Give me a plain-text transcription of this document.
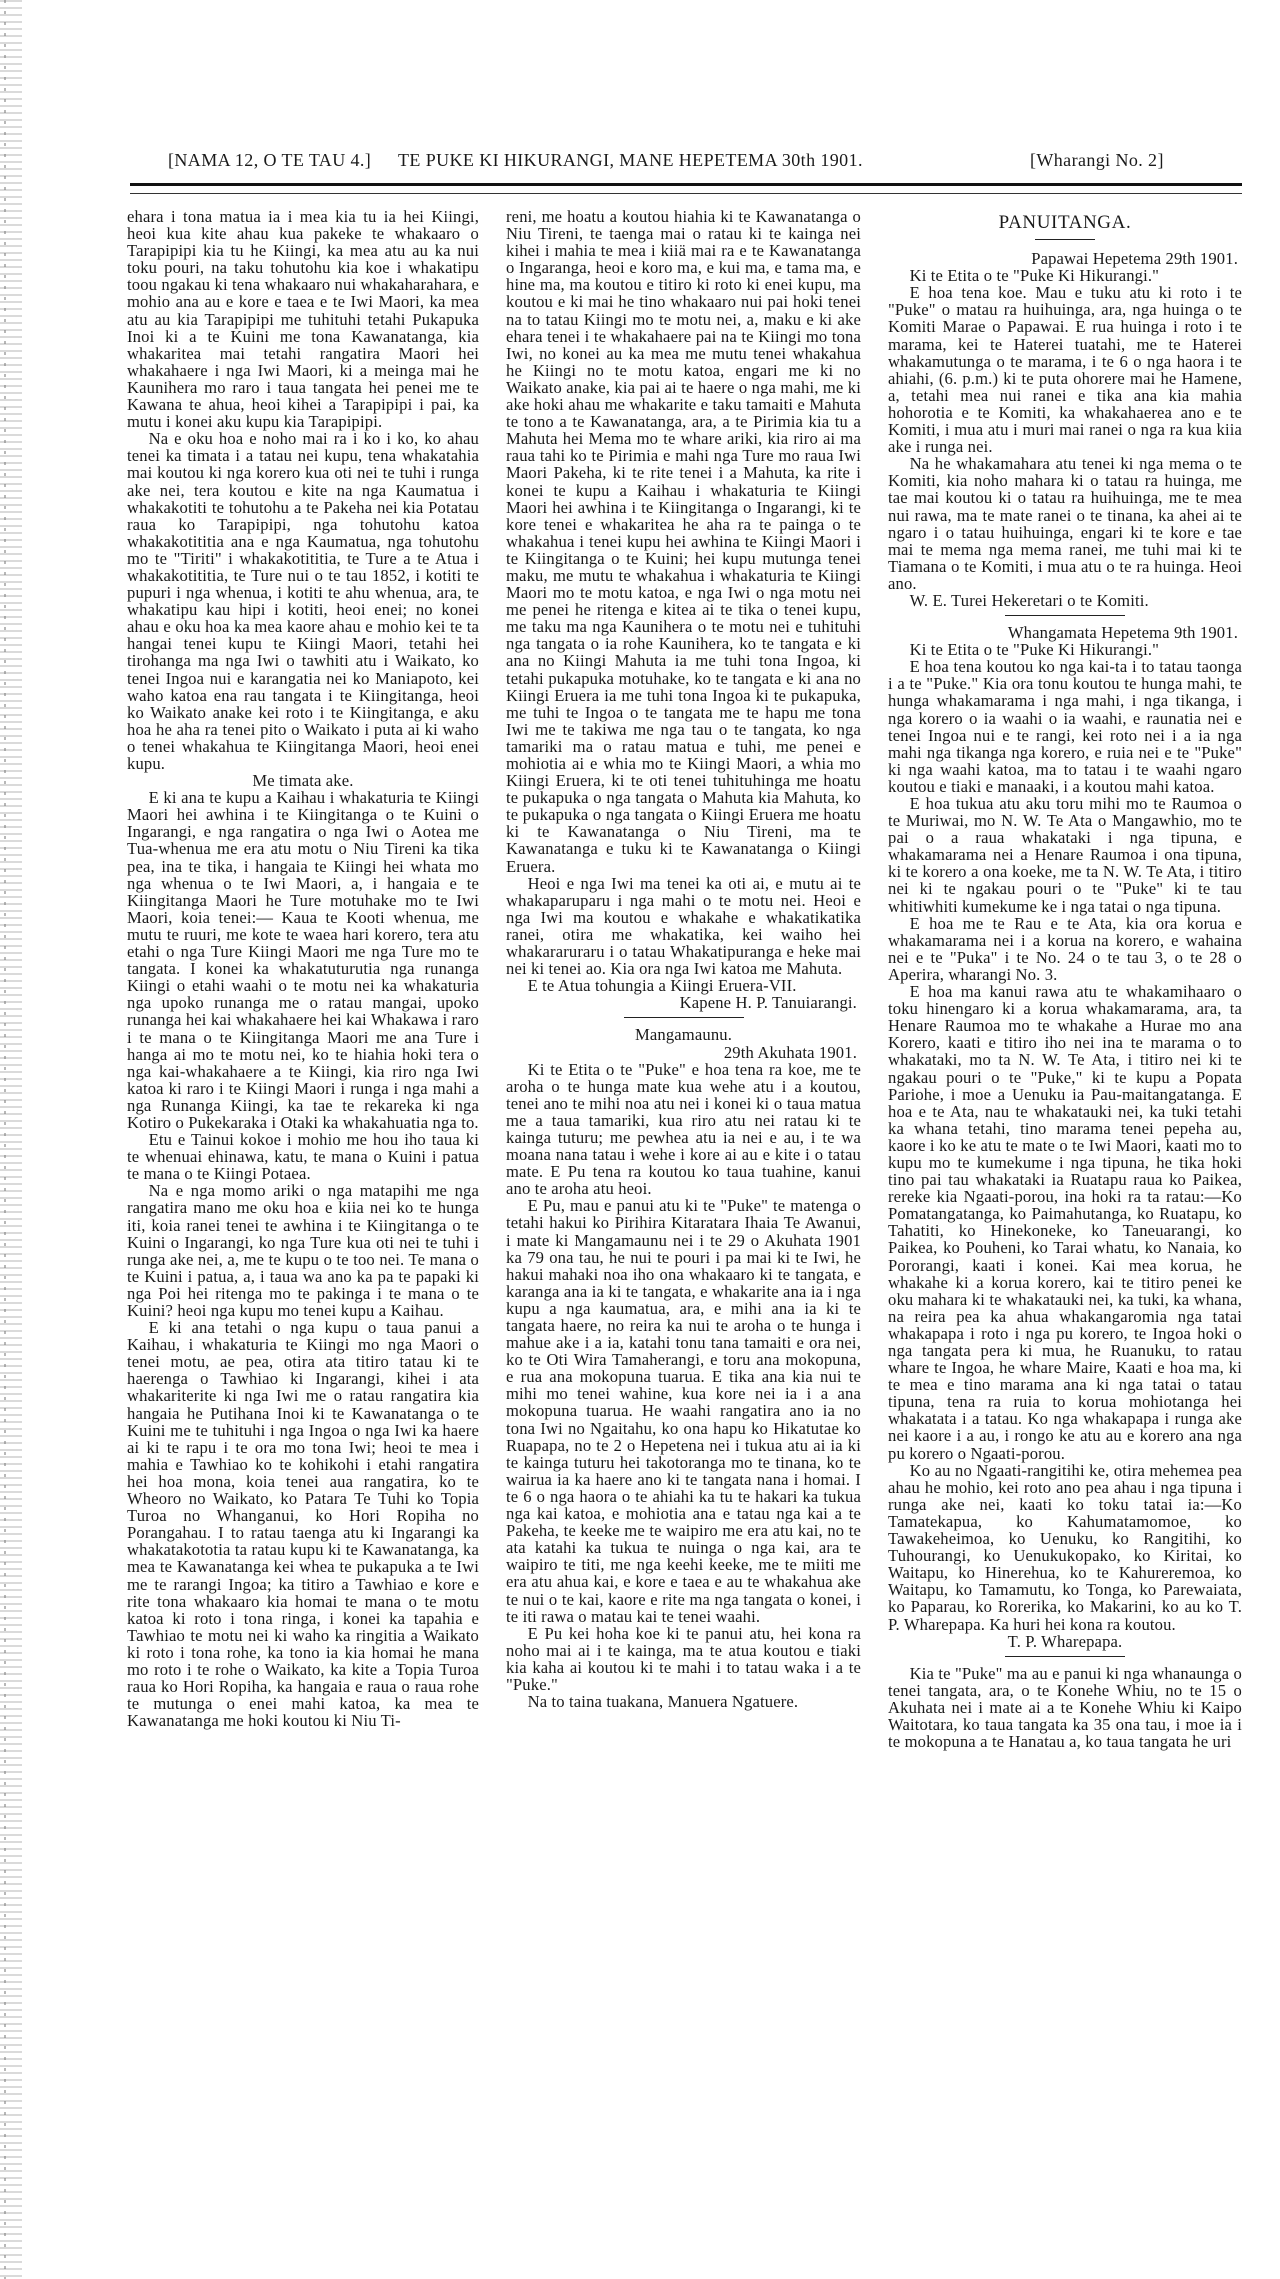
[NAMA 12, O TE TAU 4.] TE PUKE KI HIKURANGI, MANE HEPETEMA 30th 1901.	[Wharangi No. 2]

ehara i tona matua ia i mea kia tu ia hei Kiingi, heoi kua kite ahau kua pakeke te whakaaro o Tarapipipi kia tu he Kiingi, ka mea atu au ka nui toku pouri, na taku tohutohu kia koe i whakatipu toou ngakau ki tena whakaaro nui whakaharahara, e mohio ana au e kore e taea e te Iwi Maori, ka mea atu au kia Tarapipipi me tuhituhi tetahi Pukapuka Inoi ki a te Kuini me tona Kawanatanga, kia whakaritea mai tetahi rangatira Maori hei whakahaere i nga Iwi Maori, ki a meinga mai he Kaunihera mo raro i taua tangata hei penei me te Kawana te ahua, heoi kihei a Tarapipipi i pai, ka mutu i konei aku kupu kia Tarapipipi.

Na e oku hoa e noho mai ra i ko i ko, ko ahau tenei ka timata i a tatau nei kupu, tena whakatahia mai koutou ki nga korero kua oti nei te tuhi i runga ake nei, tera koutou e kite na nga Kaumatua i whakakotiti te tohutohu a te Pakeha nei kia Potatau raua ko Tarapipipi, nga tohutohu katoa whakakotititia ana e nga Kaumatua, nga tohutohu mo te "Tiriti" i whakakotititia, te Ture a te Atua i whakakotititia, te Ture nui o te tau 1852, i kotiti te pupuri i nga whenua, i kotiti te ahu whenua, ara, te whakatipu kau hipi i kotiti, heoi enei; no konei ahau e oku hoa ka mea kaore ahau e mohio kei te ta hangai tenei kupu te Kiingi Maori, tetahi hei tirohanga ma nga Iwi o tawhiti atu i Waikato, ko tenei Ingoa nui e karangatia nei ko Maniapoto, kei waho katoa ena rau tangata i te Kiingitanga, heoi ko Waikato anake kei roto i te Kiingitanga, e aku hoa he aha ra tenei pito o Waikato i puta ai ki waho o tenei whakahua te Kiingitanga Maori, heoi enei kupu.

Me timata ake.

E ki ana te kupu a Kaihau i whakaturia te Kiingi Maori hei awhina i te Kiingitanga o te Kuini o Ingarangi, e nga rangatira o nga Iwi o Aotea me Tua-whenua me era atu motu o Niu Tireni ka tika pea, ina te tika, i hangaia te Kiingi hei whata mo nga whenua o te Iwi Maori, a, i hangaia e te Kiingitanga Maori he Ture motuhake mo te Iwi Maori, koia tenei:— Kaua te Kooti whenua, me mutu te ruuri, me kote te waea hari korero, tera atu etahi o nga Ture Kiingi Maori me nga Ture mo te tangata. I konei ka whakatuturutia nga runanga Kiingi o etahi waahi o te motu nei ka whakaturia nga upoko runanga me o ratau mangai, upoko runanga hei kai whakahaere hei kai Whakawa i raro i te mana o te Kiingitanga Maori me ana Ture i hanga ai mo te motu nei, ko te hiahia hoki tera o nga kai-whakahaere a te Kiingi, kia riro nga Iwi katoa ki raro i te Kiingi Maori i runga i nga mahi a nga Runanga Kiingi, ka tae te rekareka ki nga Kotiro o Pukekaraka i Otaki ka whakahuatia nga to.

Etu e Tainui kokoe i mohio me hou iho taua ki te whenuai ehinawa, katu, te mana o Kuini i patua te mana o te Kiingi Potaea.

Na e nga momo ariki o nga matapihi me nga rangatira mano me oku hoa e kiia nei ko te hunga iti, koia ranei tenei te awhina i te Kiingitanga o te Kuini o Ingarangi, ko nga Ture kua oti nei te tuhi i runga ake nei, a, me te kupu o te too nei. Te mana o te Kuini i patua, a, i taua wa ano ka pa te papaki ki nga Poi hei ritenga mo te pakinga i te mana o te Kuini? heoi nga kupu mo tenei kupu a Kaihau.

E ki ana tetahi o nga kupu o taua panui a Kaihau, i whakaturia te Kiingi mo nga Maori o tenei motu, ae pea, otira ata titiro tatau ki te haerenga o Tawhiao ki Ingarangi, kihei i ata whakariterite ki nga Iwi me o ratau rangatira kia hangaia he Putihana Inoi ki te Kawanatanga o te Kuini me te tuhituhi i nga Ingoa o nga Iwi ka haere ai ki te rapu i te ora mo tona Iwi; heoi te mea i mahia e Tawhiao ko te kohikohi i etahi rangatira hei hoa mona, koia tenei aua rangatira, ko te Wheoro no Waikato, ko Patara Te Tuhi ko Topia Turoa no Whanganui, ko Hori Ropiha no Porangahau. I to ratau taenga atu ki Ingarangi ka whakatakototia ta ratau kupu ki te Kawanatanga, ka mea te Kawanatanga kei whea te pukapuka a te Iwi me te rarangi Ingoa; ka titiro a Tawhiao e kore e rite tona whakaaro kia homai te mana o te motu katoa ki roto i tona ringa, i konei ka tapahia e Tawhiao te motu nei ki waho ka ringitia a Waikato ki roto i tona rohe, ka tono ia kia homai he mana mo roto i te rohe o Waikato, ka kite a Topia Turoa raua ko Hori Ropiha, ka hangaia e raua o raua rohe te mutunga o enei mahi katoa, ka mea te Kawanatanga me hoki koutou ki Niu Ti-

reni, me hoatu a koutou hiahia ki te Kawanatanga o Niu Tireni, te taenga mai o ratau ki te kainga nei kihei i mahia te mea i kiiä mai ra e te Kawanatanga o Ingaranga, heoi e koro ma, e kui ma, e tama ma, e hine ma, ma koutou e titiro ki roto ki enei kupu, ma koutou e ki mai he tino whakaaro nui pai hoki tenei na to tatau Kiingi mo te motu nei, a, maku e ki ake ehara tenei i te whakahaere pai na te Kiingi mo tona Iwi, no konei au ka mea me mutu tenei whakahua he Kiingi no te motu katoa, engari me ki no Waikato anake, kia pai ai te haere o nga mahi, me ki ake hoki ahau me whakarite e taku tamaiti e Mahuta te tono a te Kawanatanga, ara, a te Pirimia kia tu a Mahuta hei Mema mo te whare ariki, kia riro ai ma raua tahi ko te Pirimia e mahi nga Ture mo raua Iwi Maori Pakeha, ki te rite tenei i a Mahuta, ka rite i konei te kupu a Kaihau i whakaturia te Kiingi Maori hei awhina i te Kiingitanga o Ingarangi, ki te kore tenei e whakaritea he aha ra te painga o te whakahua i tenei kupu hei awhina te Kiingi Maori i te Kiingitanga o te Kuini; hei kupu mutunga tenei maku, me mutu te whakahua i whakaturia te Kiingi Maori mo te motu katoa, e nga Iwi o nga motu nei me penei he ritenga e kitea ai te tika o tenei kupu, me taku ma nga Kaunihera o te motu nei e tuhituhi nga tangata o ia rohe Kaunihera, ko te tangata e ki ana no Kiingi Mahuta ia me tuhi tona Ingoa, ki tetahi pukapuka motuhake, ko te tangata e ki ana no Kiingi Eruera ia me tuhi tona Ingoa ki te pukapuka, me tuhi te Ingoa o te tangata me te hapu me tona Iwi me te takiwa me nga tau o te tangata, ko nga tamariki ma o ratau matua e tuhi, me penei e mohiotia ai e whia mo te Kiingi Maori, a whia mo Kiingi Eruera, ki te oti tenei tuhituhinga me hoatu te pukapuka o nga tangata o Mahuta kia Mahuta, ko te pukapuka o nga tangata o Kiingi Eruera me hoatu ki te Kawanatanga o Niu Tireni, ma te Kawanatanga e tuku ki te Kawanatanga o Kiingi Eruera.

Heoi e nga Iwi ma tenei ka oti ai, e mutu ai te whakaparuparu i nga mahi o te motu nei. Heoi e nga Iwi ma koutou e whakahe e whakatikatika ranei, otira me whakatika, kei waiho hei whakararuraru i o tatau Whakatipuranga e heke mai nei ki tenei ao. Kia ora nga Iwi katoa me Mahuta.

E te Atua tohungia a Kiingi Eruera-VII.

Kapene H. P. Tanuiarangi.

Mangamaunu.

29th Akuhata 1901.

Ki te Etita o te "Puke" e hoa tena ra koe, me te aroha o te hunga mate kua wehe atu i a koutou, tenei ano te mihi noa atu nei i konei ki o taua matua me a taua tamariki, kua riro atu nei ratau ki te kainga tuturu; me pewhea atu ia nei e au, i te wa moana nana tatau i wehe i kore ai au e kite i o tatau mate. E Pu tena ra koutou ko taua tuahine, kanui ano te aroha atu heoi.

E Pu, mau e panui atu ki te "Puke" te matenga o tetahi hakui ko Pirihira Kitaratara Ihaia Te Awanui, i mate ki Mangamaunu nei i te 29 o Akuhata 1901 ka 79 ona tau, he nui te pouri i pa mai ki te Iwi, he hakui mahaki noa iho ona whakaaro ki te tangata, e karanga ana ia ki te tangata, e whakarite ana ia i nga kupu a nga kaumatua, ara, e mihi ana ia ki te tangata haere, no reira ka nui te aroha o te hunga i mahue ake i a ia, katahi tonu tana tamaiti e ora nei, ko te Oti Wira Tamaherangi, e toru ana mokopuna, e rua ana mokopuna tuarua. E tika ana kia nui te mihi mo tenei wahine, kua kore nei ia i a ana mokopuna tuarua. He waahi rangatira ano ia no tona Iwi no Ngaitahu, ko ona hapu ko Hikatutae ko Ruapapa, no te 2 o Hepetena nei i tukua atu ai ia ki te kainga tuturu hei takotoranga mo te tinana, ko te wairua ia ka haere ano ki te tangata nana i homai. I te 6 o nga haora o te ahiahi ka tu te hakari ka tukua nga kai katoa, e mohiotia ana e tatau nga kai a te Pakeha, te keeke me te waipiro me era atu kai, no te ata katahi ka tukua te nuinga o nga kai, ara te waipiro te titi, me nga keehi keeke, me te miiti me era atu ahua kai, e kore e taea e au te whakahua ake te nui o te kai, kaore e rite ma nga tangata o konei, i te iti rawa o matau kai te tenei waahi.

E Pu kei hoha koe ki te panui atu, hei kona ra noho mai ai i te kainga, ma te atua koutou e tiaki kia kaha ai koutou ki te mahi i to tatau waka i a te "Puke."

Na to taina tuakana, Manuera Ngatuere.

PANUITANGA.

Papawai Hepetema 29th 1901.

Ki te Etita o te "Puke Ki Hikurangi."

E hoa tena koe. Mau e tuku atu ki roto i te "Puke" o matau ra huihuinga, ara, nga huinga o te Komiti Marae o Papawai. E rua huinga i roto i te marama, kei te Haterei tuatahi, me te Haterei whakamutunga o te marama, i te 6 o nga haora i te ahiahi, (6. p.m.) ki te puta ohorere mai he Hamene, a, tetahi mea nui ranei e tika ana kia mahia hohorotia e te Komiti, ka whakahaerea ano e te Komiti, i mua atu i muri mai ranei o nga ra kua kiia ake i runga nei.

Na he whakamahara atu tenei ki nga mema o te Komiti, kia noho mahara ki o tatau ra huinga, me tae mai koutou ki o tatau ra huihuinga, me te mea nui rawa, ma te mate ranei o te tinana, ka ahei ai te ngaro i o tatau huihuinga, engari ki te kore e tae mai te mema nga mema ranei, me tuhi mai ki te Tiamana o te Komiti, i mua atu o te ra huinga. Heoi ano.

W. E. Turei Hekeretari o te Komiti.

Whangamata Hepetema 9th 1901.

Ki te Etita o te "Puke Ki Hikurangi."

E hoa tena koutou ko nga kai-ta i to tatau taonga i a te "Puke." Kia ora tonu koutou te hunga mahi, te hunga whakamarama i nga mahi, i nga tikanga, i nga korero o ia waahi o ia waahi, e raunatia nei e tenei Ingoa nui e te rangi, kei roto nei i a ia nga mahi nga tikanga nga korero, e ruia nei e te "Puke" ki nga waahi katoa, ma to tatau i te waahi ngaro koutou e tiaki e manaaki, i a koutou mahi katoa.

E hoa tukua atu aku toru mihi mo te Raumoa o te Muriwai, mo N. W. Te Ata o Mangawhio, mo te pai o a raua whakataki i nga tipuna, e whakamarama nei a Henare Raumoa i ona tipuna, ki te korero a ona koeke, me ta N. W. Te Ata, i titiro nei ki te ngakau pouri o te "Puke" ki te tau whitiwhiti kumekume ke i nga tatai o nga tipuna.

E hoa me te Rau e te Ata, kia ora korua e whakamarama nei i a korua na korero, e wahaina nei e te "Puka" i te No. 24 o te tau 3, o te 28 o Aperira, wharangi No. 3.

E hoa ma kanui rawa atu te whakamihaaro o toku hinengaro ki a korua whakamarama, ara, ta Henare Raumoa mo te whakahe a Hurae mo ana Korero, kaati e titiro iho nei ina te marama o to whakataki, mo ta N. W. Te Ata, i titiro nei ki te ngakau pouri o te "Puke," ki te kupu a Popata Pariohe, i moe a Uenuku ia Pau-maitangatanga. E hoa e te Ata, nau te whakatauki nei, ka tuki tetahi ka whana tetahi, tino marama tenei pepeha au, kaore i ko ke atu te mate o te Iwi Maori, kaati mo to kupu mo te kumekume i nga tipuna, he tika hoki tino pai tau whakataki ia Ruatapu raua ko Paikea, rereke kia Ngaati-porou, ina hoki ra ta ratau:—Ko Pomatangatanga, ko Paimahutanga, ko Ruatapu, ko Tahatiti, ko Hinekoneke, ko Taneuarangi, ko Paikea, ko Pouheni, ko Tarai whatu, ko Nanaia, ko Pororangi, kaati i konei. Kai mea korua, he whakahe ki a korua korero, kai te titiro penei ke oku mahara ki te whakatauki nei, ka tuki, ka whana, na reira pea ka ahua whakangaromia nga tatai whakapapa i roto i nga pu korero, te Ingoa hoki o nga tangata pera ki mua, he Ruanuku, to ratau whare te Ingoa, he whare Maire, Kaati e hoa ma, ki te mea e tino marama ana ki nga tatai o tatau tipuna, tena ra ruia to korua mohiotanga hei whakatata i a tatau. Ko nga whakapapa i runga ake nei kaore i a au, i rongo ke atu au e korero ana nga pu korero o Ngaati-porou.

Ko au no Ngaati-rangitihi ke, otira mehemea pea ahau he mohio, kei roto ano pea ahau i nga tipuna i runga ake nei, kaati ko toku tatai ia:—Ko Tamatekapua, ko Kahumatamomoe, ko Tawakeheimoa, ko Uenuku, ko Rangitihi, ko Tuhourangi, ko Uenukukopako, ko Kiritai, ko Waitapu, ko Hinerehua, ko te Kahureremoa, ko Waitapu, ko Tamamutu, ko Tonga, ko Parewaiata, ko Paparau, ko Rorerika, ko Makarini, ko au ko T. P. Wharepapa. Ka huri hei kona ra koutou.

T. P. Wharepapa.

Kia te "Puke" ma au e panui ki nga whanaunga o tenei tangata, ara, o te Konehe Whiu, no te 15 o Akuhata nei i mate ai a te Konehe Whiu ki Kaipo Waitotara, ko taua tangata ka 35 ona tau, i moe ia i te mokopuna a te Hanatau a, ko taua tangata he uri
